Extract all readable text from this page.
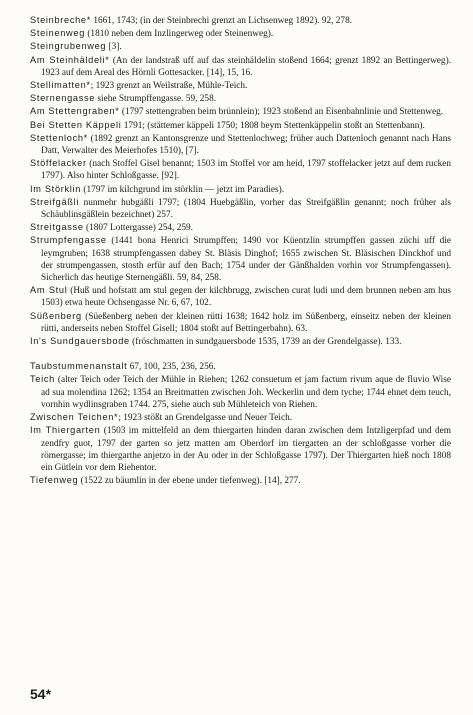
Steinbreche* 1661, 1743; (in der Steinbrechi grenzt an Lichsenweg 1892). 92, 278.
Steinenweg (1810 neben dem Inzlingerweg oder Steinenweg).
Steingrubenweg [3].
Am Steinhäldeli* (An der landstraß uff auf das steinhäldelin stoßend 1664; grenzt 1892 an Bettingerweg). 1923 auf dem Areal des Hörnli Gottesacker. [14], 15, 16.
Stellimatten*; 1923 grenzt an Weilstraße, Mühle-Teich.
Sternengasse siehe Strumpffengasse. 59, 258.
Am Stettengraben* (1797 stettengraben beim brünnlein); 1923 stoßend an Eisenbahnlinie und Stettenweg.
Bei Stetten Käppeli 1791; (stättemer käppeli 1750; 1808 beym Stettenkäppelin stoßt an Stettenbann).
Stettenloch* (1892 grenzt an Kantonsgrenze und Stettenlochweg; früher auch Dattenloch genannt nach Hans Datt, Verwalter des Meierhofes 1510), [7].
Stöffelacker (nach Stoffel Gisel benannt; 1503 im Stoffel vor am heid, 1797 stoffelacker jetzt auf dem rucken 1797). Also hinter Schloßgasse. [92].
Im Störklin (1797 im kilchgrund im störklin — jetzt im Paradies).
Streifgäßli nunmehr hubgäßli 1797; (1804 Huebgäßlin, vorher das Streifgäßlin genannt; noch früher als Schäublinsgäßlein bezeichnet) 257.
Streitgasse (1807 Lottergasse) 254, 259.
Strumpfengasse (1441 bona Henrici Strumpffen; 1490 vor Küentzlin strumpffen gassen züchi uff die leymgruben; 1638 strumpfengassen dabey St. Bläsis Dinghof; 1655 zwischen St. Bläsischen Dinckhof und der strumpengassen, stosth erfür auf den Bach; 1754 under der Gänßhalden vorhin vor Strumpfengassen). Sicherlich das heutige Sternengäßli. 59, 84, 258.
Am Stul (Huß und hofstatt am stul gegen der kilchbrugg, zwischen curat ludi und dem brunnen neben am hus 1503) etwa heute Ochsengasse Nr. 6, 67, 102.
Süßenberg (Süeßenberg neben der kleinen rütti 1638; 1642 holz im Süßenberg, einseitz neben der kleinen rütti, anderseits neben Stoffel Gisell; 1804 stoßt auf Bettingerbahn). 63.
In's Sundgauersbode (fröschmatten in sundgauersbode 1535, 1739 an der Grendelgasse). 133.
Taubstummenanstalt 67, 100, 235, 236, 256.
Teich (alter Teich oder Teich der Mühle in Riehen; 1262 consuetum et jam factum rivum aque de fluvio Wise ad sua molendina 1262; 1354 an Breitmatten zwischen Joh. Weckerlin und dem tyche; 1744 ehnet dem teuch, vornhin wydlinsgraben 1744. 275, siehe auch sub Mühleteich von Riehen.
Zwischen Teichen*; 1923 stößt an Grendelgasse und Neuer Teich.
Im Thiergarten (1503 im mittelfeld an dem thiergarten hinden daran zwischen dem Intzligerpfad und dem zendfry guot, 1797 der garten so jetz matten am Oberdorf im tiergarten an der schloßgasse vorher die römergasse; im thiergarthe anjetzo in der Au oder in der Schloßgasse 1797). Der Thiergarten hieß noch 1808 ein Gütlein vor dem Riehentor.
Tiefenweg (1522 zu bäumlin in der ebene under tiefenweg). [14], 277.
54*
